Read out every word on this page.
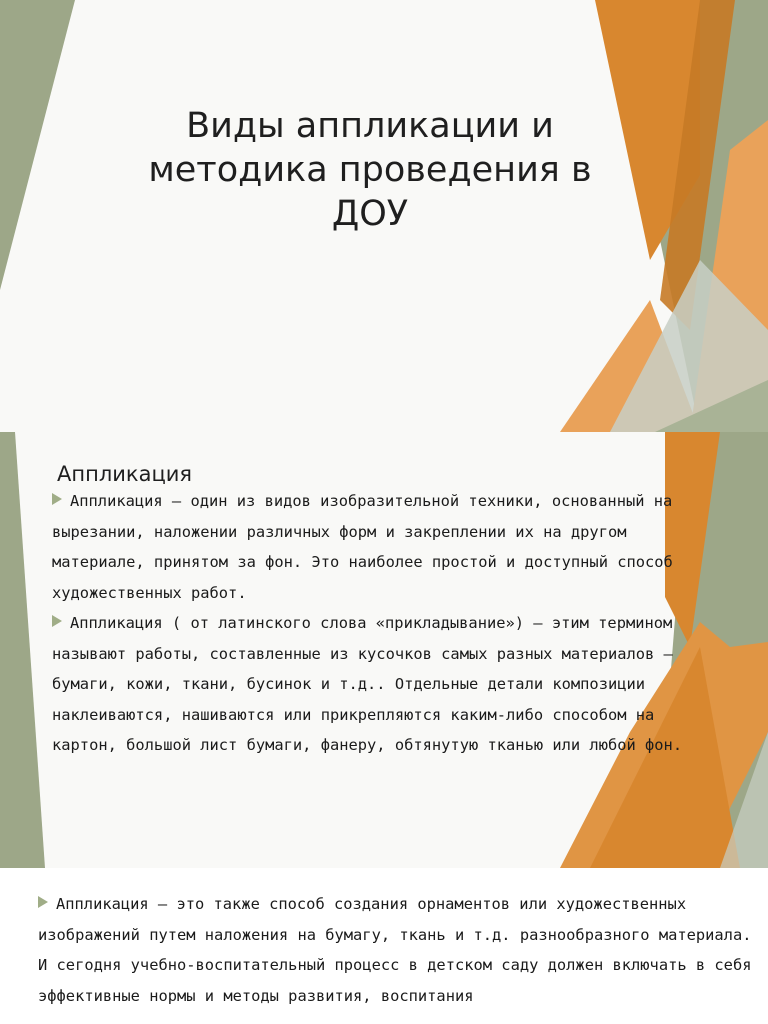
Виды аппликации и методика проведения в ДОУ
Аппликация

Аппликация – один из видов изобразительной техники, основанный на вырезании, наложении различных форм и закреплении их на другом материале, принятом за фон. Это наиболее простой и доступный способ художественных работ.

Аппликация ( от латинского слова «прикладывание») – этим термином называют работы, составленные из кусочков самых разных материалов – бумаги, кожи, ткани, бусинок и т.д.. Отдельные детали композиции наклеиваются, нашиваются или прикрепляются каким-либо способом на картон, большой лист бумаги, фанеру, обтянутую тканью или любой фон.

Аппликация – это также способ создания орнаментов или художественных изображений путем наложения на бумагу, ткань и т.д. разнообразного материала. И сегодня учебно-воспитательный процесс в детском саду должен включать в себя эффективные нормы и методы развития, воспитания
